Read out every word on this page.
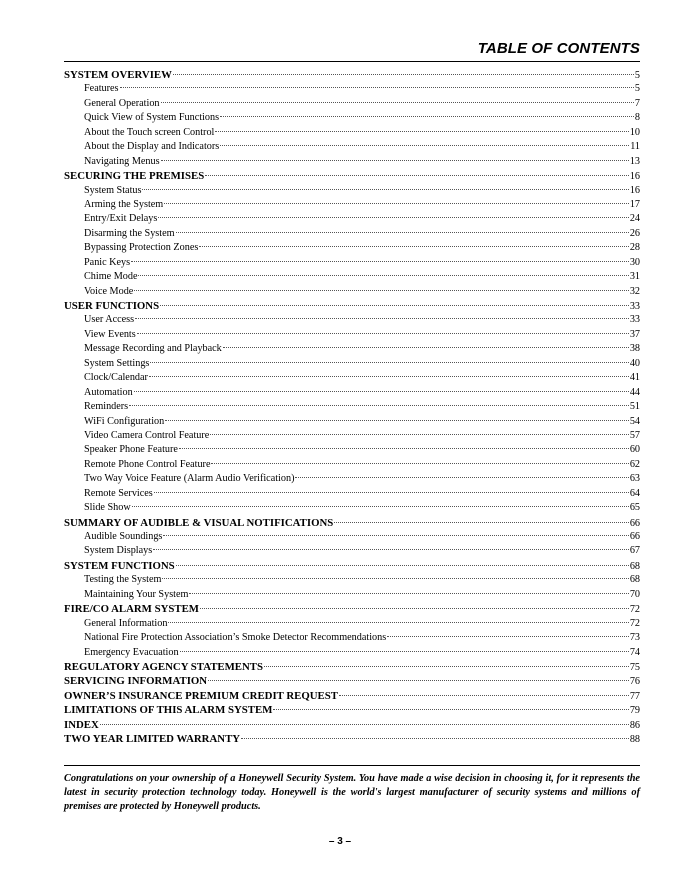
TABLE OF CONTENTS
SYSTEM OVERVIEW	5
Features	5
General Operation	7
Quick View of System Functions	8
About the Touch screen Control	10
About the Display and Indicators	11
Navigating Menus	13
SECURING THE PREMISES	16
System Status	16
Arming the System	17
Entry/Exit Delays	24
Disarming the System	26
Bypassing Protection Zones	28
Panic Keys	30
Chime Mode	31
Voice Mode	32
USER FUNCTIONS	33
User Access	33
View Events	37
Message Recording and Playback	38
System Settings	40
Clock/Calendar	41
Automation	44
Reminders	51
WiFi Configuration	54
Video Camera Control Feature	57
Speaker Phone Feature	60
Remote Phone Control Feature	62
Two Way Voice Feature (Alarm Audio Verification)	63
Remote Services	64
Slide Show	65
SUMMARY OF AUDIBLE & VISUAL NOTIFICATIONS	66
Audible Soundings	66
System Displays	67
SYSTEM FUNCTIONS	68
Testing the System	68
Maintaining Your System	70
FIRE/CO ALARM SYSTEM	72
General Information	72
National Fire Protection Association’s Smoke Detector Recommendations	73
Emergency Evacuation	74
REGULATORY AGENCY STATEMENTS	75
SERVICING INFORMATION	76
OWNER’S INSURANCE PREMIUM CREDIT REQUEST	77
LIMITATIONS OF THIS ALARM SYSTEM	79
INDEX	86
TWO YEAR LIMITED WARRANTY	88
Congratulations on your ownership of a Honeywell Security System. You have made a wise decision in choosing it, for it represents the latest in security protection technology today. Honeywell is the world's largest manufacturer of security systems and millions of premises are protected by Honeywell products.
– 3 –
